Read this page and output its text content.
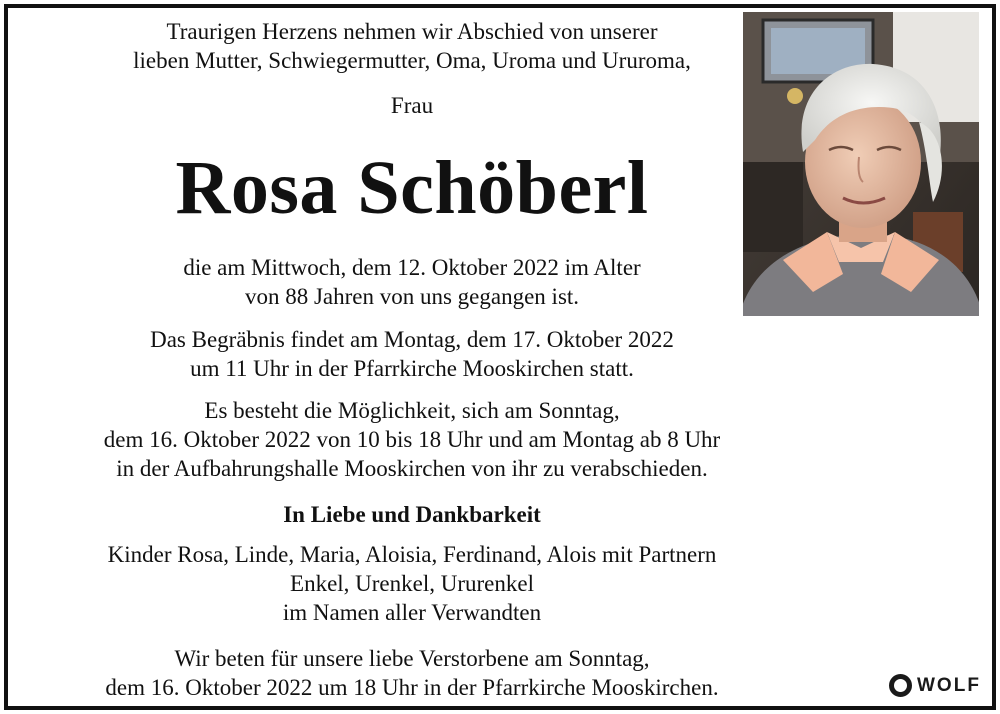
Traurigen Herzens nehmen wir Abschied von unserer
lieben Mutter, Schwiegermutter, Oma, Uroma und Ururoma,
Frau
Rosa Schöberl
die am Mittwoch, dem 12. Oktober 2022 im Alter
von 88 Jahren von uns gegangen ist.
Das Begräbnis findet am Montag, dem 17. Oktober 2022
um 11 Uhr in der Pfarrkirche Mooskirchen statt.
Es besteht die Möglichkeit, sich am Sonntag,
dem 16. Oktober 2022 von 10 bis 18 Uhr und am Montag ab 8 Uhr
in der Aufbahrungshalle Mooskirchen von ihr zu verabschieden.
In Liebe und Dankbarkeit
Kinder Rosa, Linde, Maria, Aloisia, Ferdinand, Alois mit Partnern
Enkel, Urenkel, Ururenkel
im Namen aller Verwandten
Wir beten für unsere liebe Verstorbene am Sonntag,
dem 16. Oktober 2022 um 18 Uhr in der Pfarrkirche Mooskirchen.	WOLF
